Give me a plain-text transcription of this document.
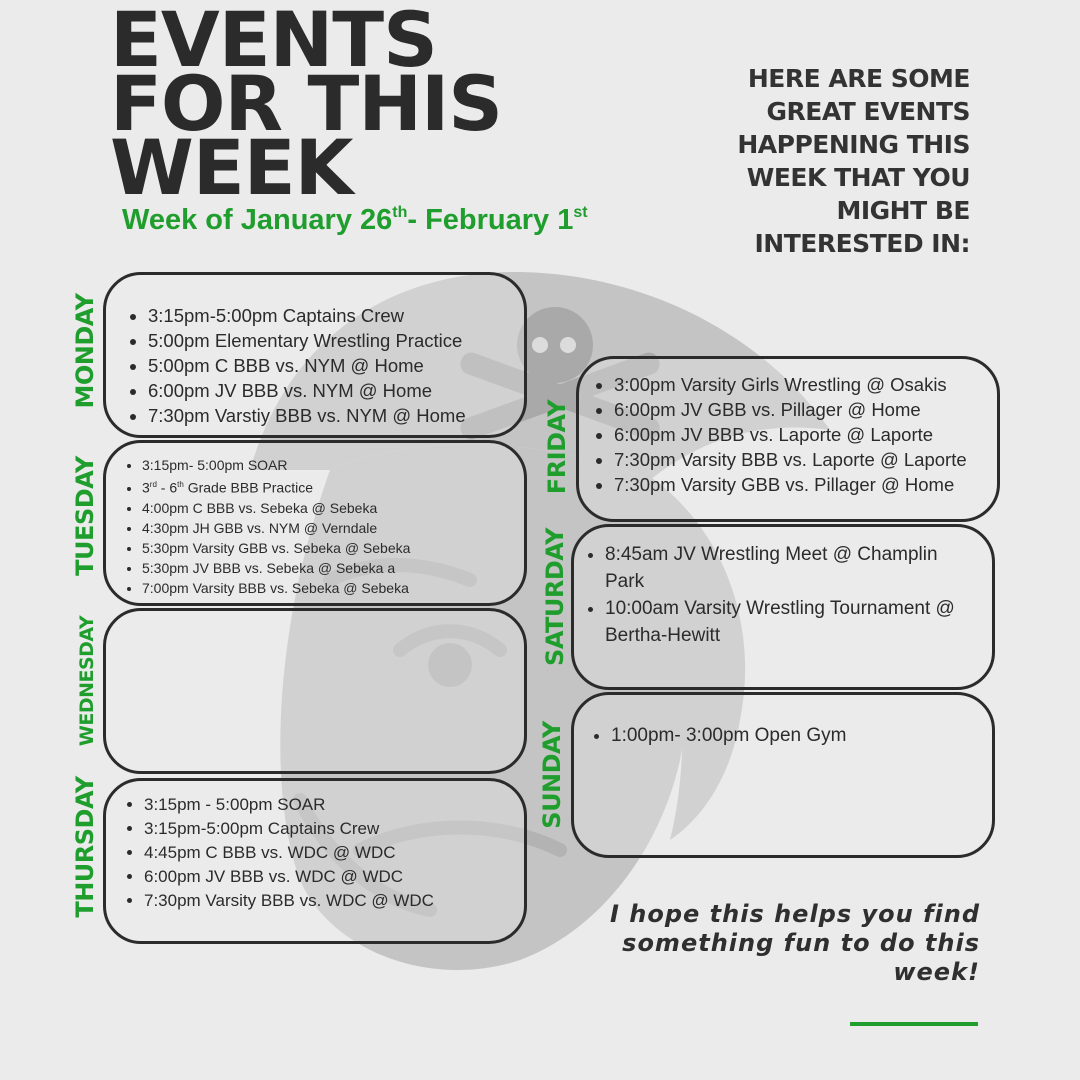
EVENTS
FOR THIS
WEEK
Week of January 26th- February 1st
HERE ARE SOME GREAT EVENTS HAPPENING THIS WEEK THAT YOU MIGHT BE INTERESTED IN:
MONDAY	• 3:15pm-5:00pm Captains Crew
• 5:00pm Elementary Wrestling Practice
• 5:00pm C BBB vs. NYM @ Home
• 6:00pm JV BBB vs. NYM @ Home
• 7:30pm Varstiy BBB vs. NYM @ Home
TUESDAY	• 3:15pm- 5:00pm SOAR
• 3rd - 6th Grade BBB Practice
• 4:00pm C BBB vs. Sebeka @ Sebeka
• 4:30pm JH GBB vs. NYM @ Verndale
• 5:30pm Varsity GBB vs. Sebeka @ Sebeka
• 5:30pm JV BBB vs. Sebeka @ Sebeka a
• 7:00pm Varsity BBB vs. Sebeka @ Sebeka
WEDNESDAY
THURSDAY	• 3:15pm - 5:00pm SOAR
• 3:15pm-5:00pm Captains Crew
• 4:45pm C BBB vs. WDC @ WDC
• 6:00pm JV BBB vs. WDC @ WDC
• 7:30pm Varsity BBB vs. WDC @ WDC
FRIDAY
• 3:00pm Varsity Girls Wrestling @ Osakis
• 6:00pm JV GBB vs. Pillager @ Home
• 6:00pm JV BBB vs. Laporte @ Laporte
• 7:30pm Varsity BBB vs. Laporte @ Laporte
• 7:30pm Varsity GBB vs. Pillager @ Home
SATURDAY • 8:45am JV Wrestling Meet @ Champlin Park
• 10:00am Varsity Wrestling Tournament @ Bertha-Hewitt
SUNDAY • 1:00pm- 3:00pm Open Gym
I hope this helps you find something fun to do this week!
